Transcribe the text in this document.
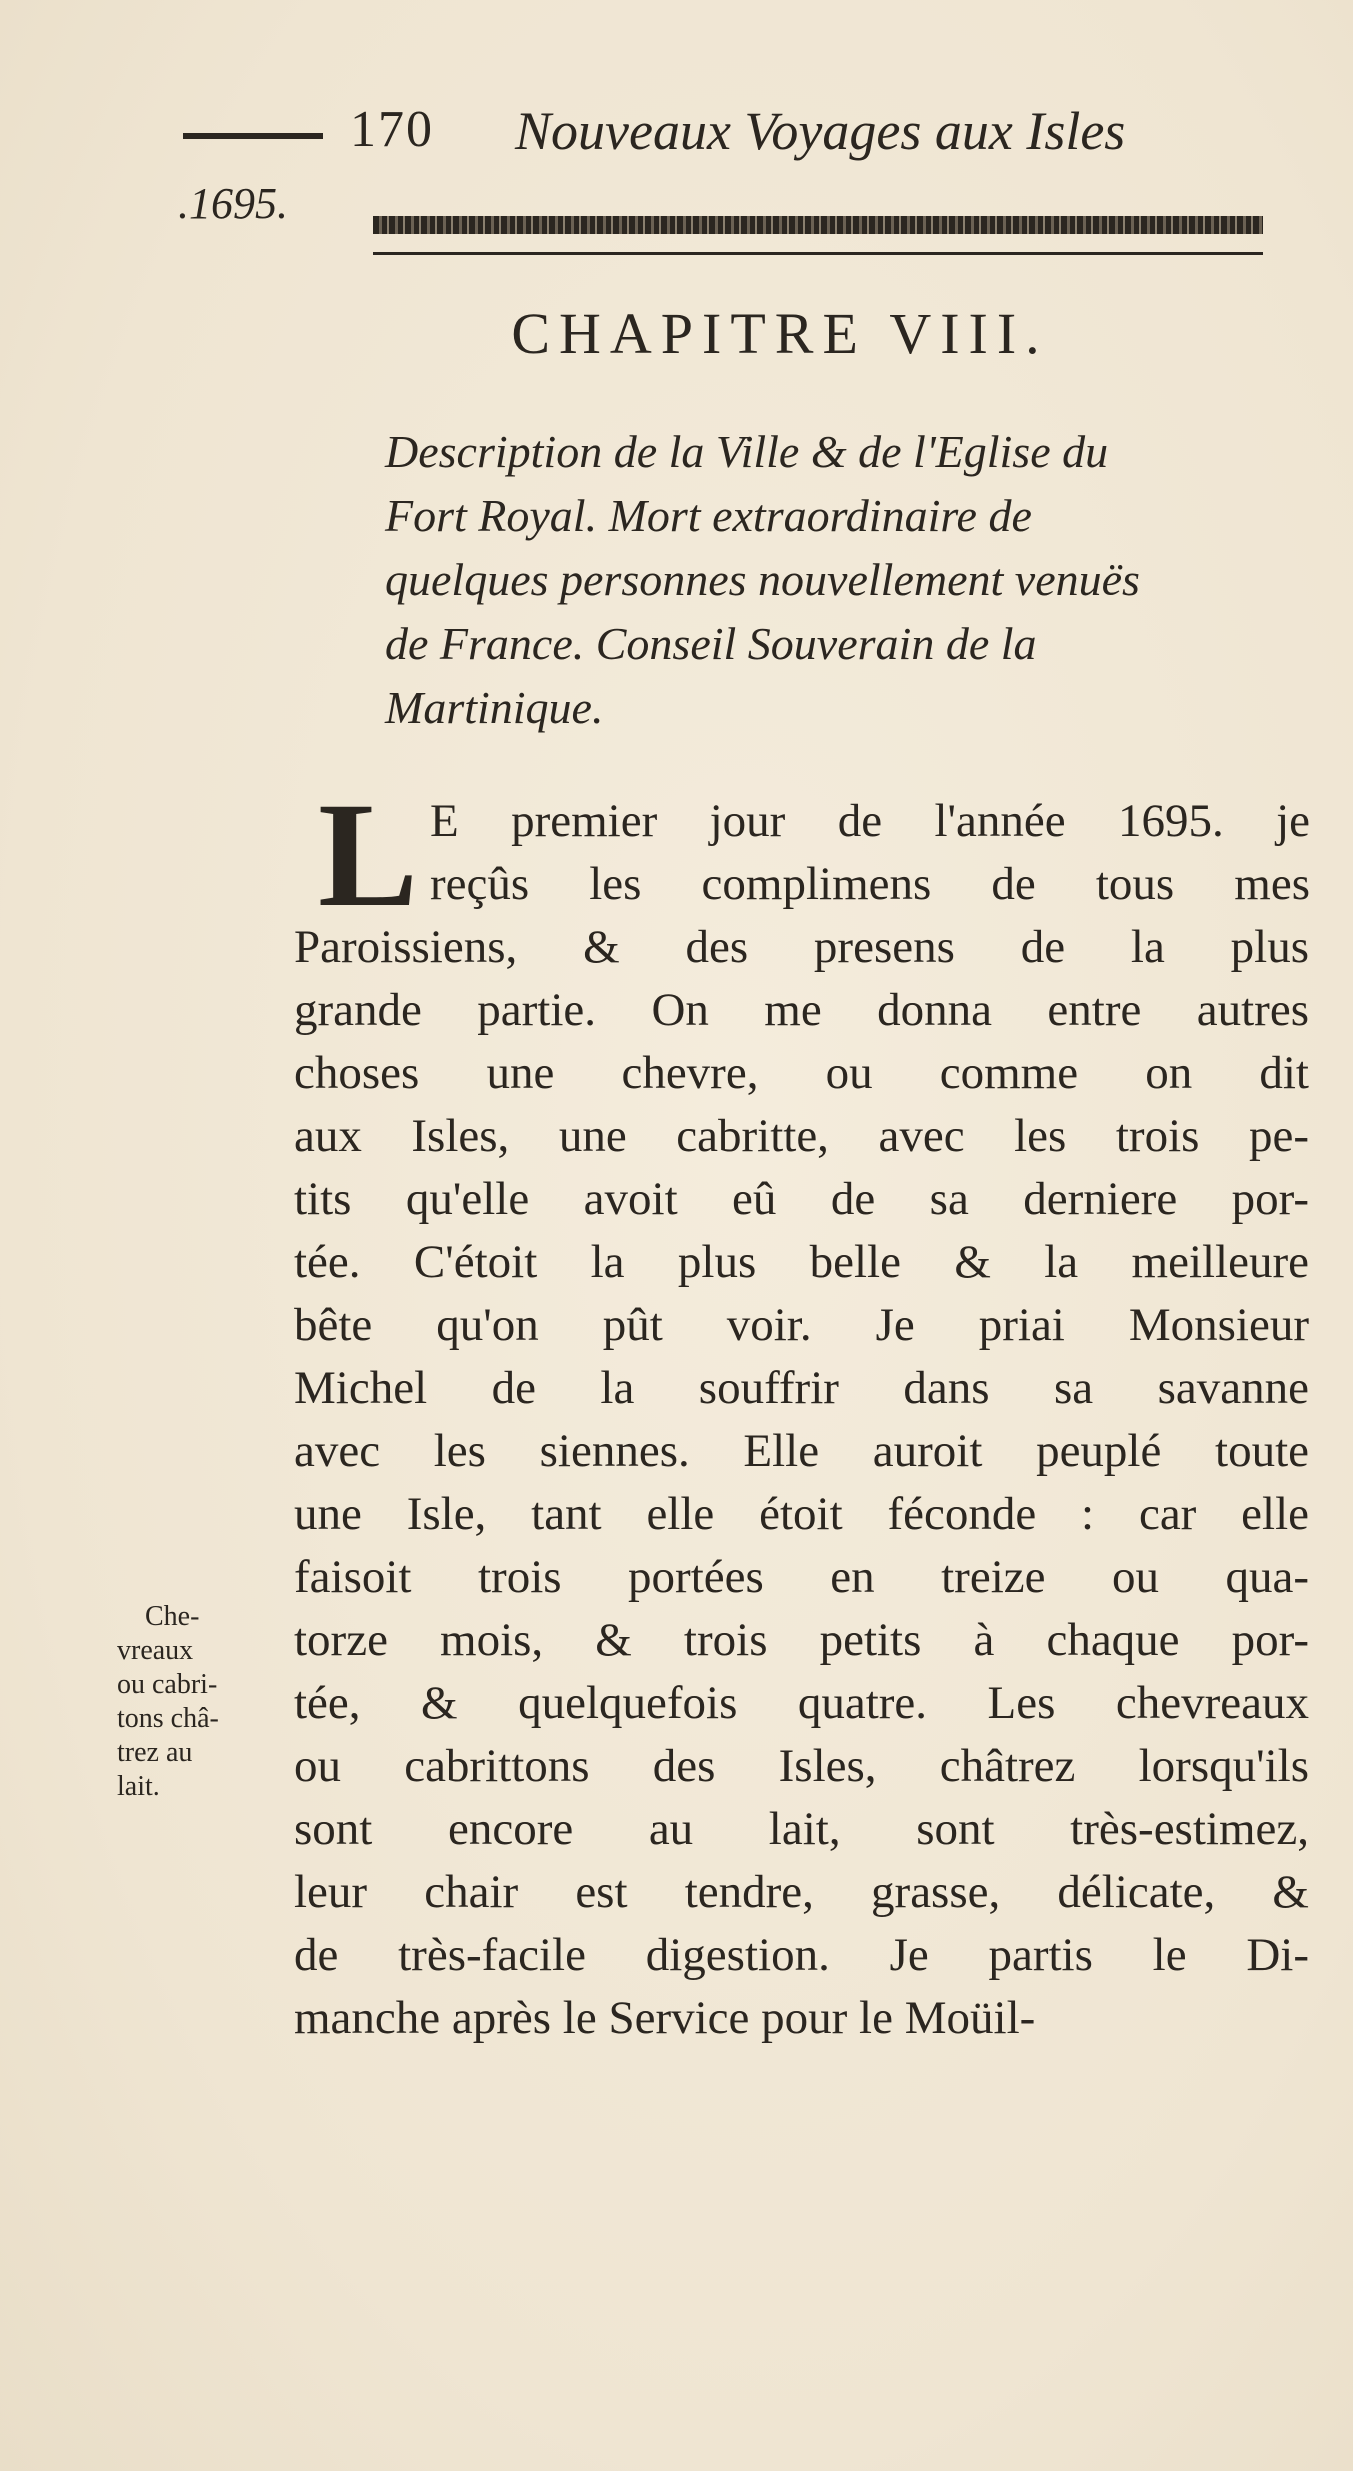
170 Nouveaux Voyages aux Isles
.1695.
CHAPITRE VIII.
Description de la Ville & de l'Eglise du
Fort Royal. Mort extraordinaire de
quelques personnes nouvellement venuës
de France. Conseil Souverain de la
Martinique.
L E premier jour de l'année 1695. je
reçûs les complimens de tous mes
Paroissiens, & des presens de la plus
grande partie. On me donna entre autres
choses une chevre, ou comme on dit
aux Isles, une cabritte, avec les trois pe-
tits qu'elle avoit eû de sa derniere por-
tée. C'étoit la plus belle & la meilleure
bête qu'on pût voir. Je priai Monsieur
Michel de la souffrir dans sa savanne
avec les siennes. Elle auroit peuplé toute
une Isle, tant elle étoit féconde : car elle
faisoit trois portées en treize ou qua-
torze mois, & trois petits à chaque por-
tée, & quelquefois quatre. Les chevreaux
ou cabrittons des Isles, châtrez lorsqu'ils
sont encore au lait, sont très-estimez,
leur chair est tendre, grasse, délicate, &
de très-facile digestion. Je partis le Di-
manche après le Service pour le Moüil-
Che-
vreaux
ou cabri-
tons châ-
trez au
lait.
